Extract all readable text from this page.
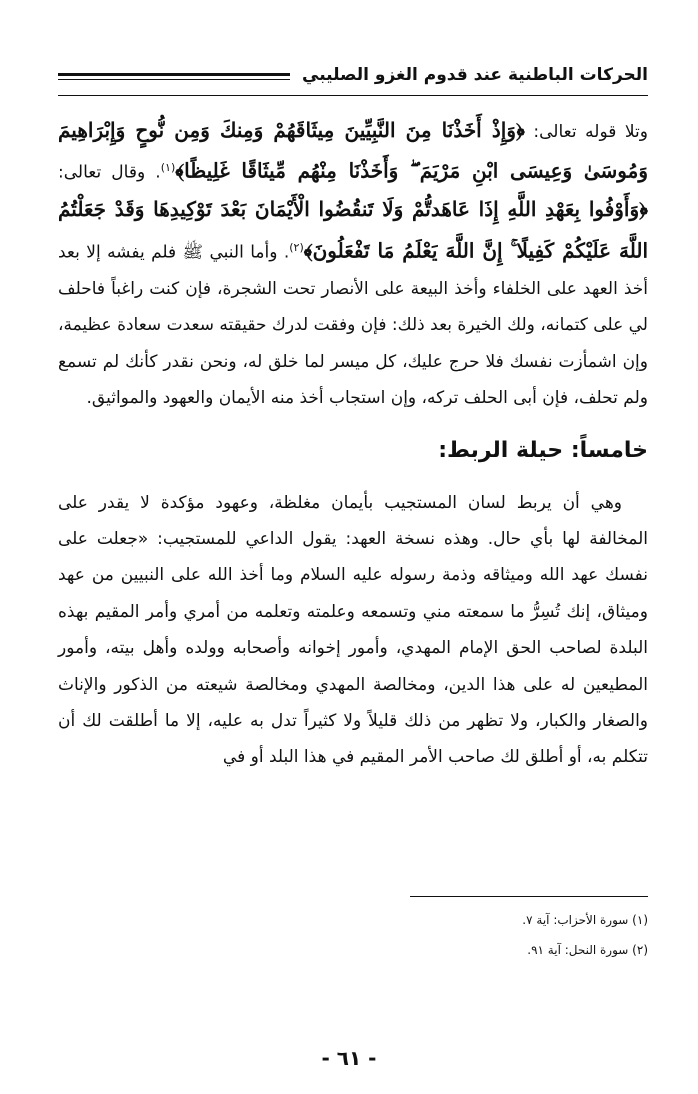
الحركات الباطنية عند قدوم الغزو الصليبي

وتلا قوله تعالى: ﴿وَإِذْ أَخَذْنَا مِنَ النَّبِيِّينَ مِيثَاقَهُمْ وَمِنكَ وَمِن نُّوحٍ وَإِبْرَاهِيمَ وَمُوسَىٰ وَعِيسَى ابْنِ مَرْيَمَ ۖ وَأَخَذْنَا مِنْهُم مِّيثَاقًا غَلِيظًا﴾$^{(١)}$. وقال تعالى: ﴿وَأَوْفُوا بِعَهْدِ اللَّهِ إِذَا عَاهَدتُّمْ وَلَا تَنقُضُوا الْأَيْمَانَ بَعْدَ تَوْكِيدِهَا وَقَدْ جَعَلْتُمُ اللَّهَ عَلَيْكُمْ كَفِيلًا ۚ إِنَّ اللَّهَ يَعْلَمُ مَا تَفْعَلُونَ﴾$^{(٢)}$. وأما النبي ﷺ فلم يفشه إلا بعد أخذ العهد على الخلفاء وأخذ البيعة على الأنصار تحت الشجرة، فإن كنت راغباً فاحلف لي على كتمانه، ولك الخيرة بعد ذلك: فإن وفقت لدرك حقيقته سعدت سعادة عظيمة، وإن اشمأزت نفسك فلا حرج عليك، كل ميسر لما خلق له، ونحن نقدر كأنك لم تسمع ولم تحلف، فإن أبى الحلف تركه، وإن استجاب أخذ منه الأيمان والعهود والمواثيق.

خامساً: حيلة الربط:

وهي أن يربط لسان المستجيب بأيمان مغلظة، وعهود مؤكدة لا يقدر على المخالفة لها بأي حال. وهذه نسخة العهد: يقول الداعي للمستجيب: «جعلت على نفسك عهد الله وميثاقه وذمة رسوله عليه السلام وما أخذ الله على النبيين من عهد وميثاق، إنك تُسِرُّ ما سمعته مني وتسمعه وعلمته وتعلمه من أمري وأمر المقيم بهذه البلدة لصاحب الحق الإمام المهدي، وأمور إخوانه وأصحابه وولده وأهل بيته، وأمور المطيعين له على هذا الدين، ومخالصة المهدي ومخالصة شيعته من الذكور والإناث والصغار والكبار، ولا تظهر من ذلك قليلاً ولا كثيراً تدل به عليه، إلا ما أطلقت لك أن تتكلم به، أو أطلق لك صاحب الأمر المقيم في هذا البلد أو في

(١) سورة الأحزاب: آية ٧.

(٢) سورة النحل: آية ٩١.

- ٦١ -
